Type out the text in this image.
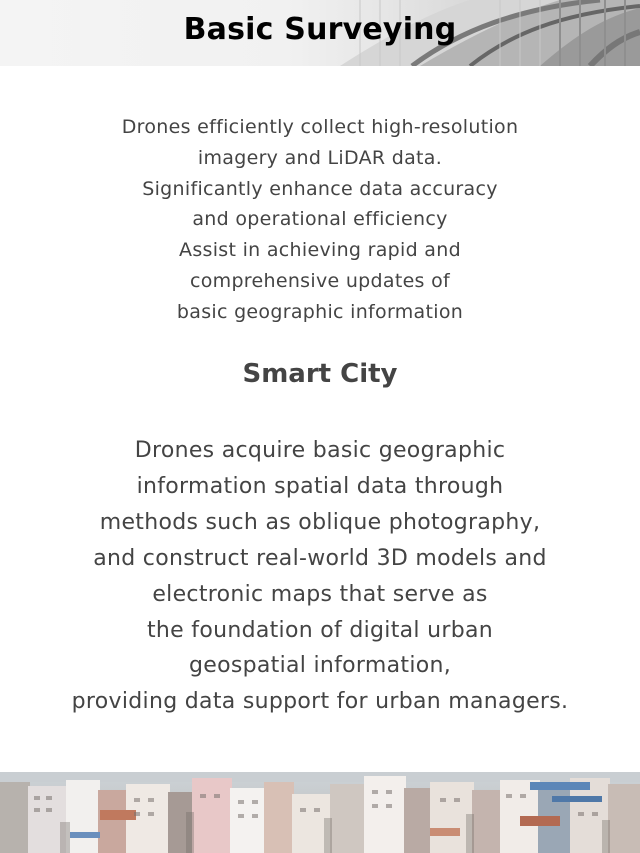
Basic Surveying
Drones efficiently collect high-resolution
imagery and LiDAR data.
Significantly enhance data accuracy
and operational efficiency
Assist in achieving rapid and
comprehensive updates of
basic geographic information
Smart City
Drones acquire basic geographic
information spatial data through
methods such as oblique photography,
and construct real-world 3D models and
electronic maps that serve as
the foundation of digital urban
geospatial information,
providing data support for urban managers.
